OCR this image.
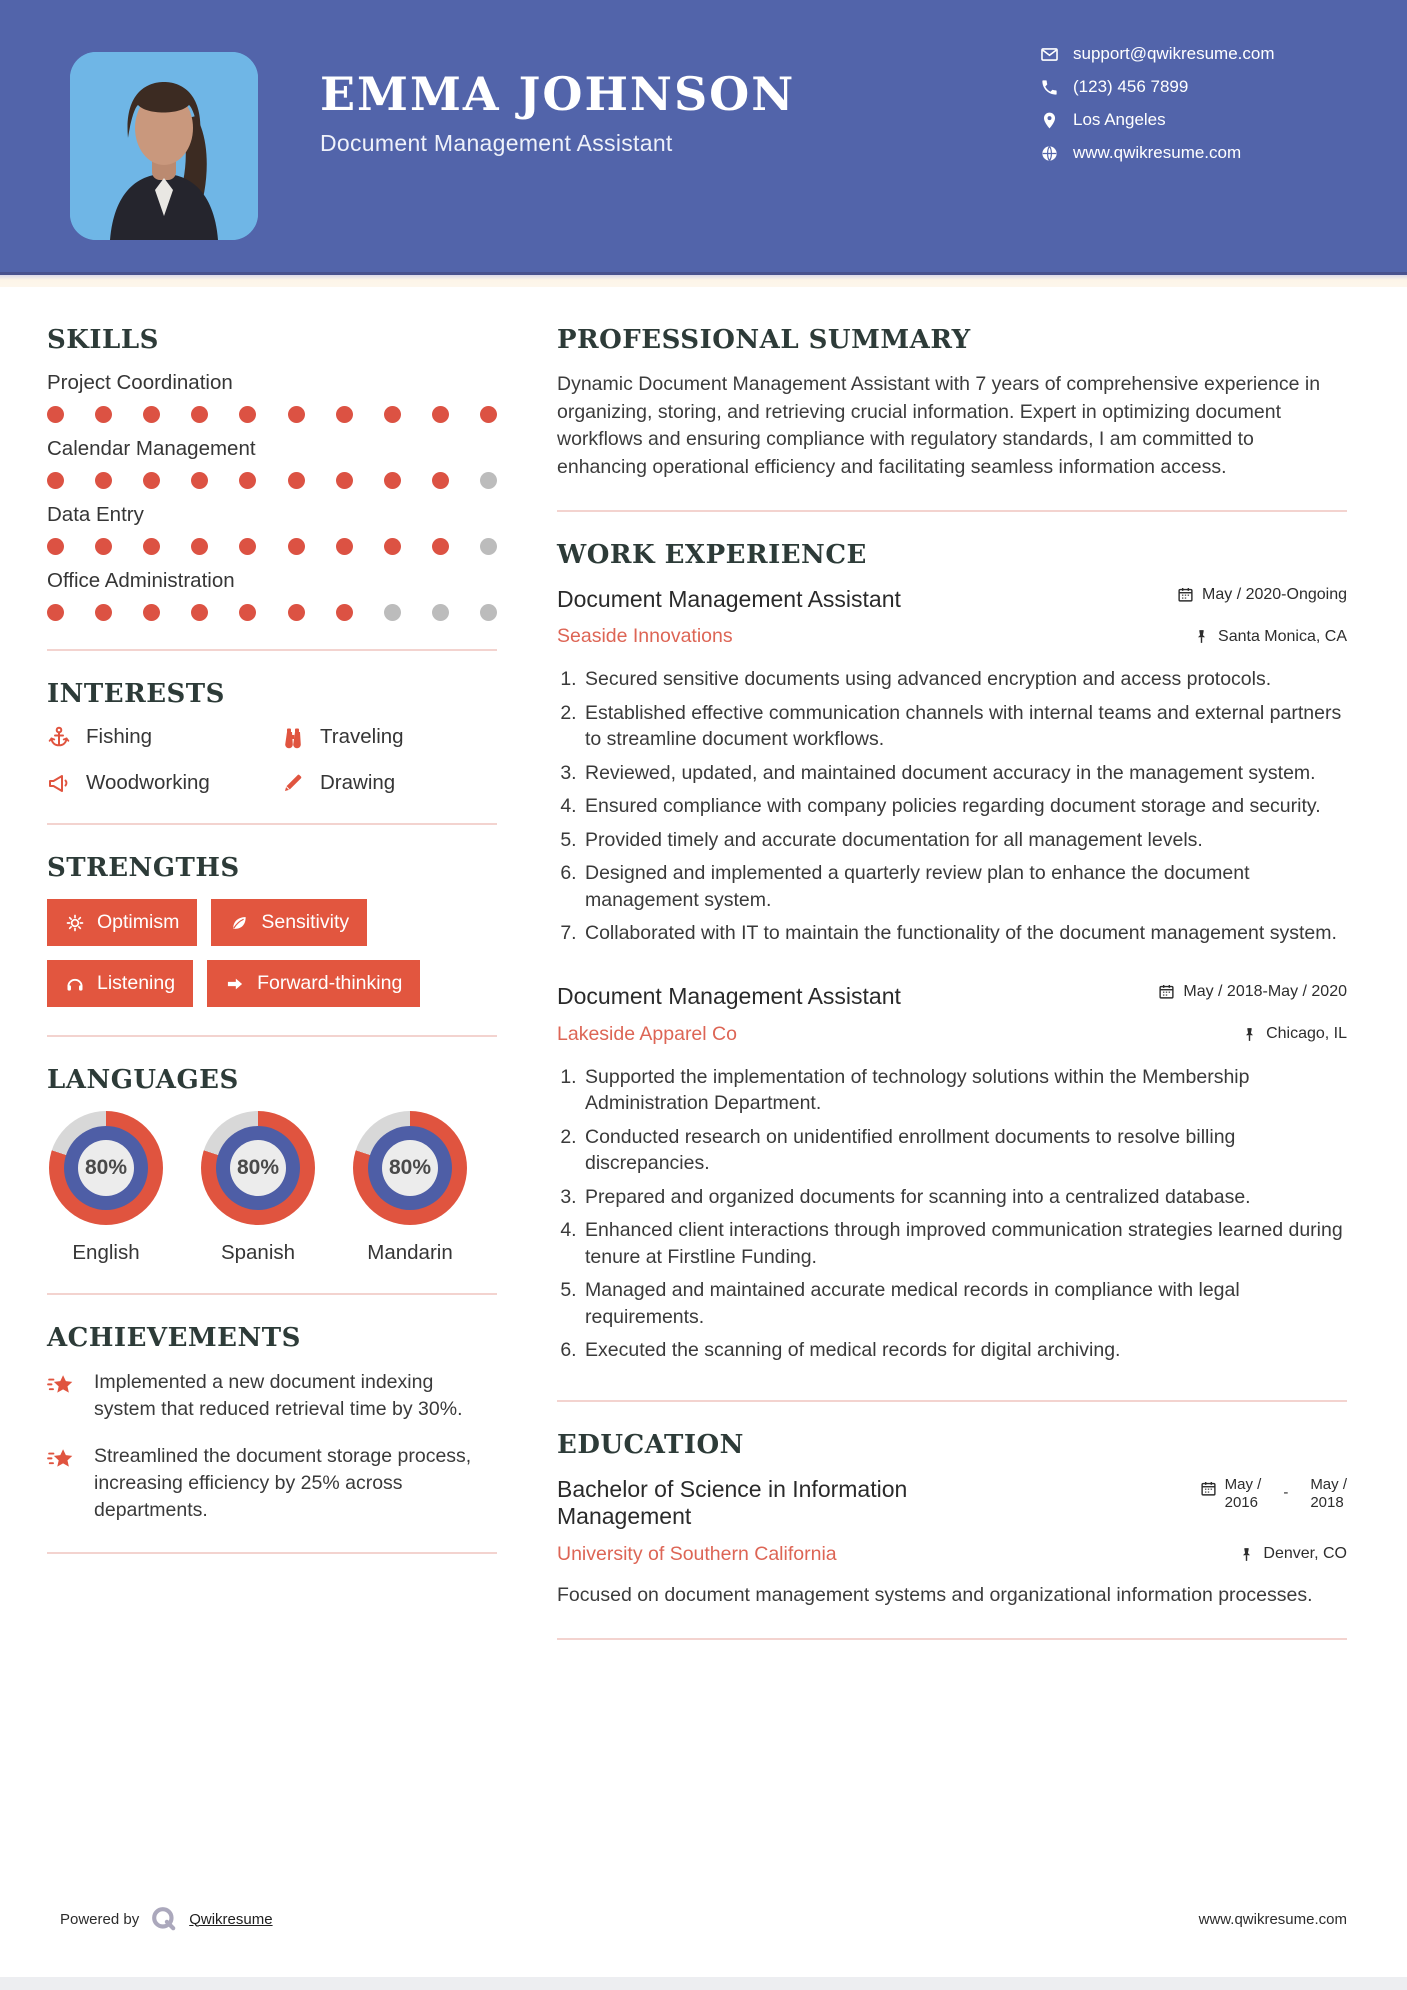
EMMA JOHNSON
Document Management Assistant
support@qwikresume.com
(123) 456 7899
Los Angeles
www.qwikresume.com
SKILLS
Project Coordination
Calendar Management
Data Entry
Office Administration
INTERESTS
Fishing	Traveling
Woodworking	Drawing
STRENGTHS
Optimism	Sensitivity
Listening	Forward-thinking
LANGUAGES
80%
English
80%
Spanish
80%
Mandarin
ACHIEVEMENTS
Implemented a new document indexing system that reduced retrieval time by 30%.
Streamlined the document storage process, increasing efficiency by 25% across departments.
PROFESSIONAL SUMMARY

Dynamic Document Management Assistant with 7 years of comprehensive experience in organizing, storing, and retrieving crucial information. Expert in optimizing document workflows and ensuring compliance with regulatory standards, I am committed to enhancing operational efficiency and facilitating seamless information access.

WORK EXPERIENCE
Document Management Assistant	May / 2020-Ongoing
Seaside Innovations	Santa Monica, CA
1. Secured sensitive documents using advanced encryption and access protocols.
2. Established effective communication channels with internal teams and external partners to streamline document workflows.
3. Reviewed, updated, and maintained document accuracy in the management system.
4. Ensured compliance with company policies regarding document storage and security.
5. Provided timely and accurate documentation for all management levels.
6. Designed and implemented a quarterly review plan to enhance the document management system.
7. Collaborated with IT to maintain the functionality of the document management system.
Document Management Assistant	May / 2018-May / 2020
Lakeside Apparel Co	Chicago, IL
1. Supported the implementation of technology solutions within the Membership Administration Department.
2. Conducted research on unidentified enrollment documents to resolve billing discrepancies.
3. Prepared and organized documents for scanning into a centralized database.
4. Enhanced client interactions through improved communication strategies learned during tenure at Firstline Funding.
5. Managed and maintained accurate medical records in compliance with legal requirements.
6. Executed the scanning of medical records for digital archiving.
EDUCATION
Bachelor of Science in Information Management
May /
2016
- May /
2018
University of Southern California	Denver, CO

Focused on document management systems and organizational information processes.

Powered by	Qwikresume	www.qwikresume.com
